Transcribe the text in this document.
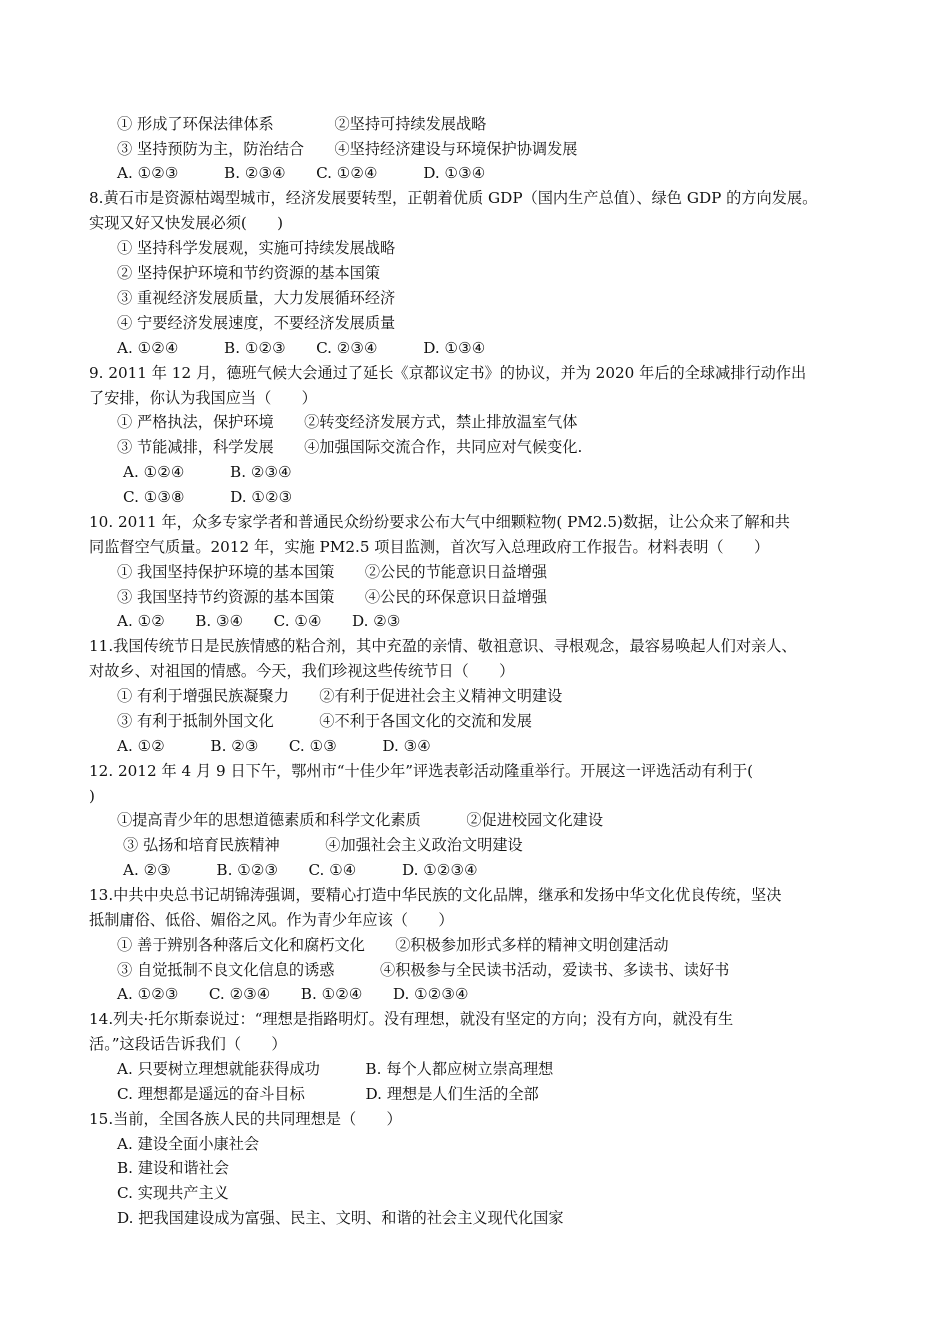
① 形成了环保法律体系　　　　②坚持可持续发展战略
③ 坚持预防为主，防治结合　　④坚持经济建设与环境保护协调发展
A. ①②③　　　B. ②③④　　C. ①②④　　　D. ①③④
8.黄石市是资源枯竭型城市，经济发展要转型，正朝着优质 GDP（国内生产总值）、绿色 GDP 的方向发展。
实现又好又快发展必须(　　)
① 坚持科学发展观，实施可持续发展战略
② 坚持保护环境和节约资源的基本国策
③ 重视经济发展质量，大力发展循环经济
④ 宁要经济发展速度，不要经济发展质量
A. ①②④　　　B. ①②③　　C. ②③④　　　D. ①③④
9. 2011 年 12 月，德班气候大会通过了延长《京都议定书》的协议，并为 2020 年后的全球减排行动作出
了安排，你认为我国应当（　　）
① 严格执法，保护环境　　②转变经济发展方式，禁止排放温室气体
③ 节能减排，科学发展　　④加强国际交流合作，共同应对气候变化.
A. ①②④　　　B. ②③④
C. ①③⑧　　　D. ①②③
10. 2011 年，众多专家学者和普通民众纷纷要求公布大气中细颗粒物( PM2.5)数据，让公众来了解和共
同监督空气质量。2012 年，实施 PM2.5 项目监测，首次写入总理政府工作报告。材料表明（　　）
① 我国坚持保护环境的基本国策　　②公民的节能意识日益增强
③ 我国坚持节约资源的基本国策　　④公民的环保意识日益增强
A. ①②　　B. ③④　　C. ①④　　D. ②③
11.我国传统节日是民族情感的粘合剂，其中充盈的亲情、敬祖意识、寻根观念，最容易唤起人们对亲人、
对故乡、对祖国的情感。今天，我们珍视这些传统节日（　　）
① 有利于增强民族凝聚力　　②有利于促进社会主义精神文明建设
③ 有利于抵制外国文化　　　④不利于各国文化的交流和发展
A. ①②　　　B. ②③　　C. ①③　　　D. ③④
12. 2012 年 4 月 9 日下午，鄂州市“十佳少年”评选表彰活动隆重举行。开展这一评选活动有利于(
)
①提高青少年的思想道德素质和科学文化素质　　　②促进校园文化建设
③ 弘扬和培育民族精神　　　④加强社会主义政治文明建设
A. ②③　　　B. ①②③　　C. ①④　　　D. ①②③④
13.中共中央总书记胡锦涛强调，要精心打造中华民族的文化品牌，继承和发扬中华文化优良传统，坚决
抵制庸俗、低俗、媚俗之风。作为青少年应该（　　）
① 善于辨别各种落后文化和腐朽文化　　②积极参加形式多样的精神文明创建活动
③ 自觉抵制不良文化信息的诱惑　　　④积极参与全民读书活动，爱读书、多读书、读好书
A. ①②③　　C. ②③④　　B. ①②④　　D. ①②③④
14.列夫·托尔斯泰说过：“理想是指路明灯。没有理想，就没有坚定的方向；没有方向，就没有生
活。”这段话告诉我们（　　）
A. 只要树立理想就能获得成功　　　B. 每个人都应树立崇高理想
C. 理想都是遥远的奋斗目标　　　　D. 理想是人们生活的全部
15.当前，全国各族人民的共同理想是（　　）
A. 建设全面小康社会
B. 建设和谐社会
C. 实现共产主义
D. 把我国建设成为富强、民主、文明、和谐的社会主义现代化国家
